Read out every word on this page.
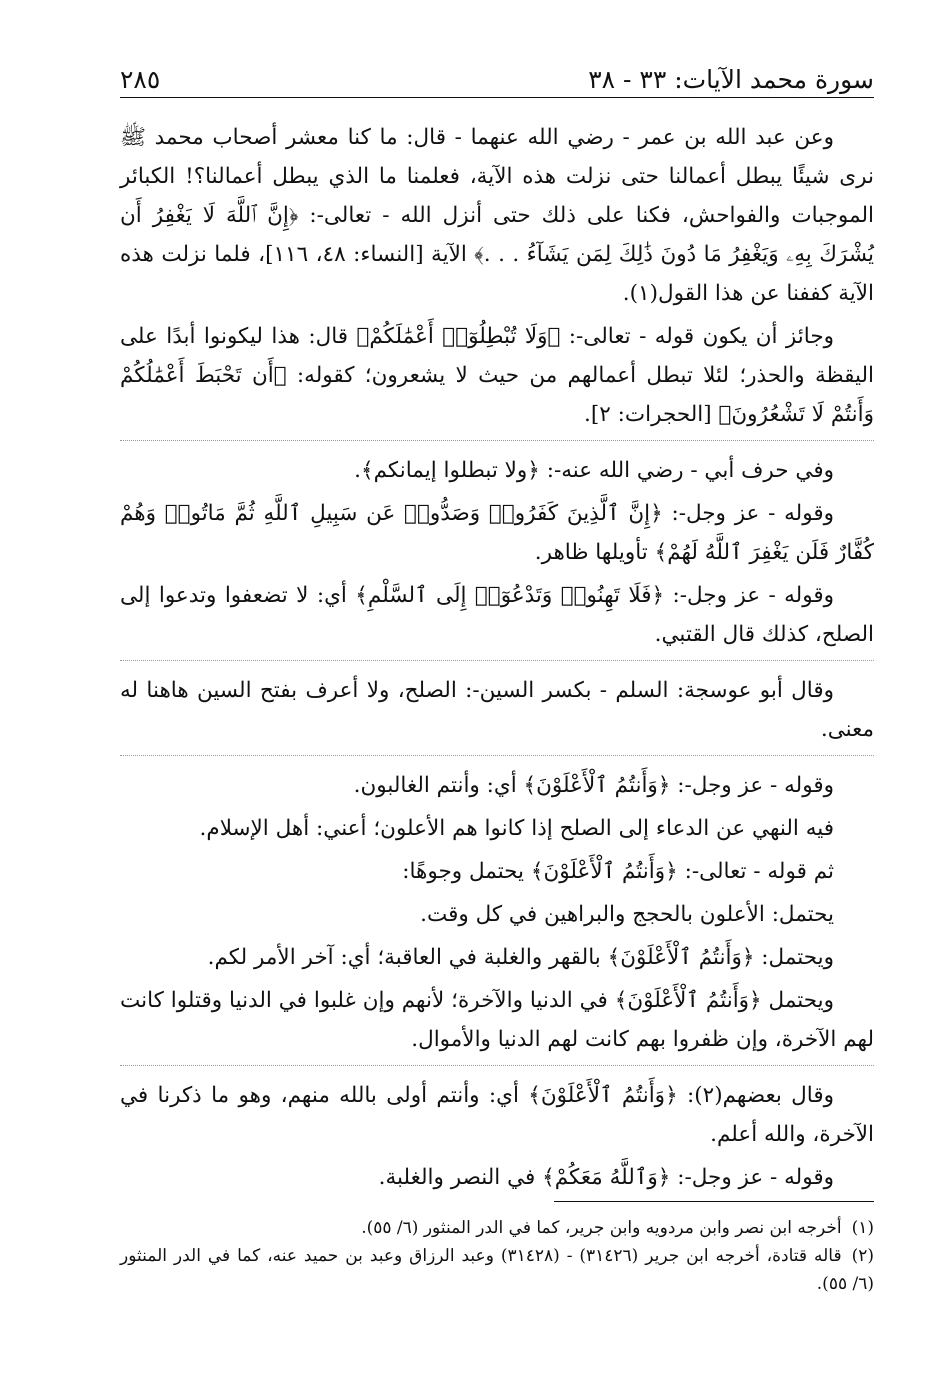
سورة محمد الآيات: ٣٣ - ٣٨
٢٨٥

وعن عبد الله بن عمر - رضي الله عنهما - قال: ما كنا معشر أصحاب محمد ﷺ نرى شيئًا يبطل أعمالنا حتى نزلت هذه الآية، فعلمنا ما الذي يبطل أعمالنا؟! الكبائر الموجبات والفواحش، فكنا على ذلك حتى أنزل الله - تعالى-: ﴿إِنَّ ٱللَّهَ لَا يَغْفِرُ أَن يُشْرَكَ بِهِۦ وَيَغْفِرُ مَا دُونَ ذَٰلِكَ لِمَن يَشَآءُ . . .﴾ الآية [النساء: ٤٨، ١١٦]، فلما نزلت هذه الآية كففنا عن هذا القول(١).

وجائز أن يكون قوله - تعالى-: ﴿وَلَا تُبْطِلُوٓا۟ أَعْمَٰلَكُمْ﴾ قال: هذا ليكونوا أبدًا على اليقظة والحذر؛ لئلا تبطل أعمالهم من حيث لا يشعرون؛ كقوله: ﴿أَن تَحْبَطَ أَعْمَٰلُكُمْ وَأَنتُمْ لَا تَشْعُرُونَ﴾ [الحجرات: ٢].

وفي حرف أبي - رضي الله عنه-: ﴿ولا تبطلوا إيمانكم﴾.

وقوله - عز وجل-: ﴿إِنَّ ٱلَّذِينَ كَفَرُوا۟ وَصَدُّوا۟ عَن سَبِيلِ ٱللَّهِ ثُمَّ مَاتُوا۟ وَهُمْ كُفَّارٌ فَلَن يَغْفِرَ ٱللَّهُ لَهُمْ﴾ تأويلها ظاهر.

وقوله - عز وجل-: ﴿فَلَا تَهِنُوا۟ وَتَدْعُوٓا۟ إِلَى ٱلسَّلْمِ﴾ أي: لا تضعفوا وتدعوا إلى الصلح، كذلك قال القتبي.

وقال أبو عوسجة: السلم - بكسر السين-: الصلح، ولا أعرف بفتح السين هاهنا له معنى.

وقوله - عز وجل-: ﴿وَأَنتُمُ ٱلْأَعْلَوْنَ﴾ أي: وأنتم الغالبون.

فيه النهي عن الدعاء إلى الصلح إذا كانوا هم الأعلون؛ أعني: أهل الإسلام.

ثم قوله - تعالى-: ﴿وَأَنتُمُ ٱلْأَعْلَوْنَ﴾ يحتمل وجوهًا:

يحتمل: الأعلون بالحجج والبراهين في كل وقت.

ويحتمل: ﴿وَأَنتُمُ ٱلْأَعْلَوْنَ﴾ بالقهر والغلبة في العاقبة؛ أي: آخر الأمر لكم.

ويحتمل ﴿وَأَنتُمُ ٱلْأَعْلَوْنَ﴾ في الدنيا والآخرة؛ لأنهم وإن غلبوا في الدنيا وقتلوا كانت لهم الآخرة، وإن ظفروا بهم كانت لهم الدنيا والأموال.

وقال بعضهم(٢): ﴿وَأَنتُمُ ٱلْأَعْلَوْنَ﴾ أي: وأنتم أولى بالله منهم، وهو ما ذكرنا في الآخرة، والله أعلم.

وقوله - عز وجل-: ﴿وَٱللَّهُ مَعَكُمْ﴾ في النصر والغلبة.

(١)أخرجه ابن نصر وابن مردويه وابن جرير، كما في الدر المنثور (٦/ ٥٥).

(٢)قاله قتادة، أخرجه ابن جرير (٣١٤٢٦) - (٣١٤٢٨) وعبد الرزاق وعبد بن حميد عنه، كما في الدر المنثور (٦/ ٥٥).
